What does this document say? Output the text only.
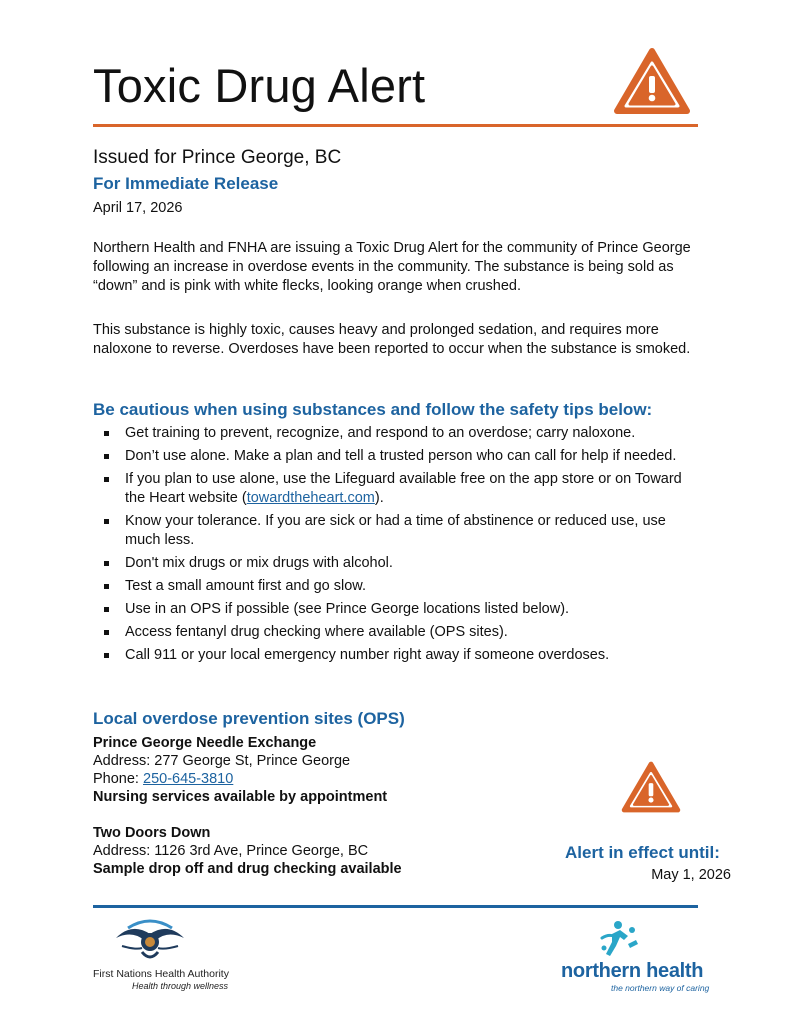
Toxic Drug Alert
Issued for Prince George, BC
For Immediate Release
April 17, 2026
Northern Health and FNHA are issuing a Toxic Drug Alert for the community of Prince George following an increase in overdose events in the community. The substance is being sold as “down” and is pink with white flecks, looking orange when crushed.
This substance is highly toxic, causes heavy and prolonged sedation, and requires more naloxone to reverse. Overdoses have been reported to occur when the substance is smoked.
Be cautious when using substances and follow the safety tips below:
Get training to prevent, recognize, and respond to an overdose; carry naloxone.
Don’t use alone. Make a plan and tell a trusted person who can call for help if needed.
If you plan to use alone, use the Lifeguard available free on the app store or on Toward the Heart website (towardtheheart.com).
Know your tolerance. If you are sick or had a time of abstinence or reduced use, use much less.
Don't mix drugs or mix drugs with alcohol.
Test a small amount first and go slow.
Use in an OPS if possible (see Prince George locations listed below).
Access fentanyl drug checking where available (OPS sites).
Call 911 or your local emergency number right away if someone overdoses.
Local overdose prevention sites (OPS)
Prince George Needle Exchange
Address: 277 George St, Prince George
Phone: 250-645-3810
Nursing services available by appointment
Two Doors Down
Address: 1126 3rd Ave, Prince George, BC
Sample drop off and drug checking available
Alert in effect until:
May 1, 2026
First Nations Health Authority
Health through wellness
northern health
the northern way of caring
